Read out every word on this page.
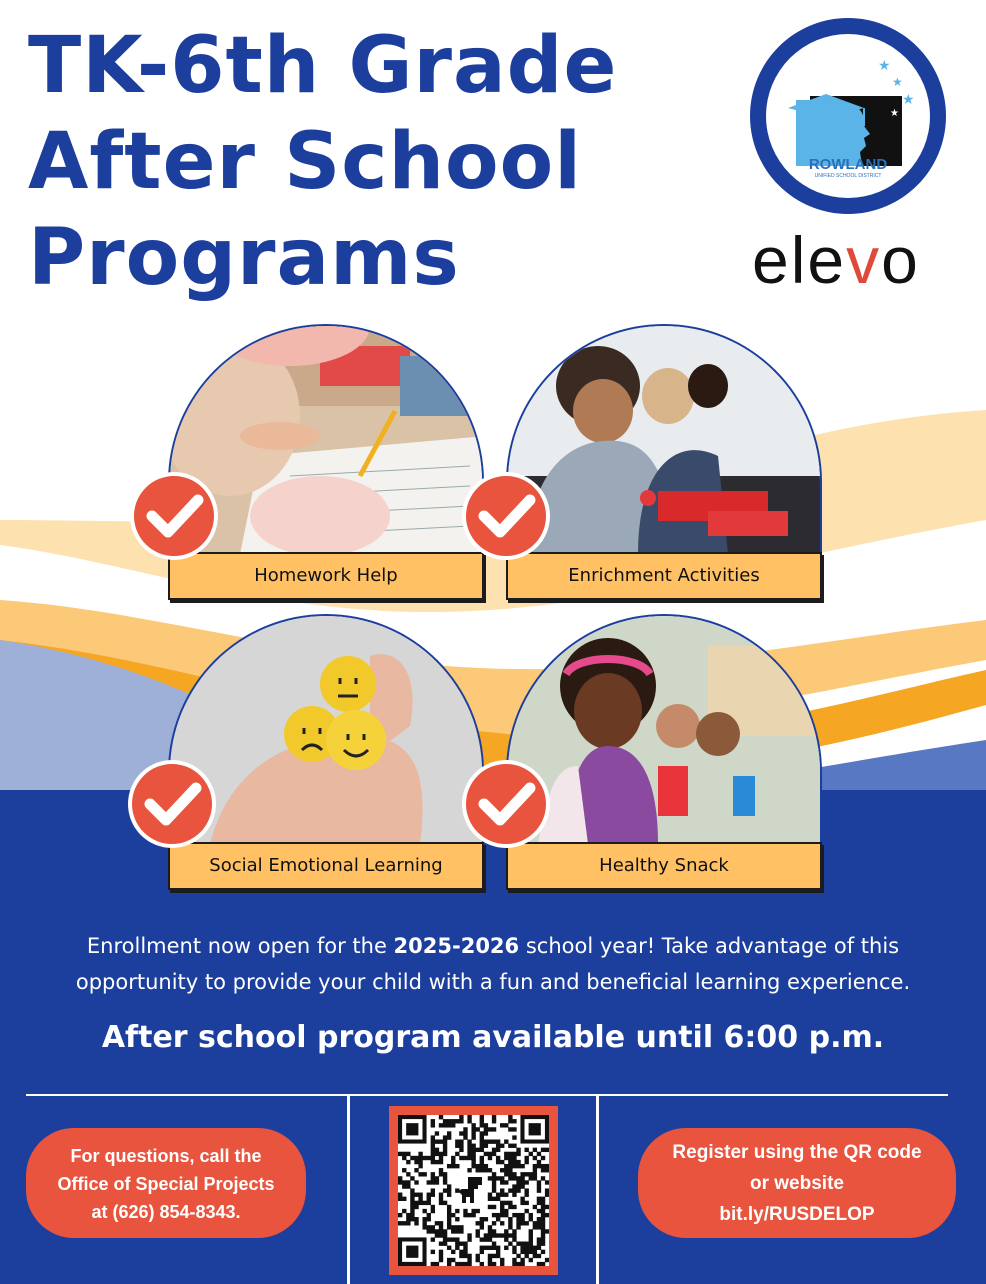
TK-6th Grade
After School
Programs
★
★
★
★
ROWLAND
UNIFIED SCHOOL DISTRICT
elevo
Homework Help	Enrichment Activities
Social Emotional Learning	Healthy Snack
Enrollment now open for the 2025-2026 school year! Take advantage of this
opportunity to provide your child with a fun and beneficial learning experience.
After school program available until 6:00 p.m.
For questions, call the
Office of Special Projects
at (626) 854-8343.
Register using the QR code
or website
bit.ly/RUSDELOP
